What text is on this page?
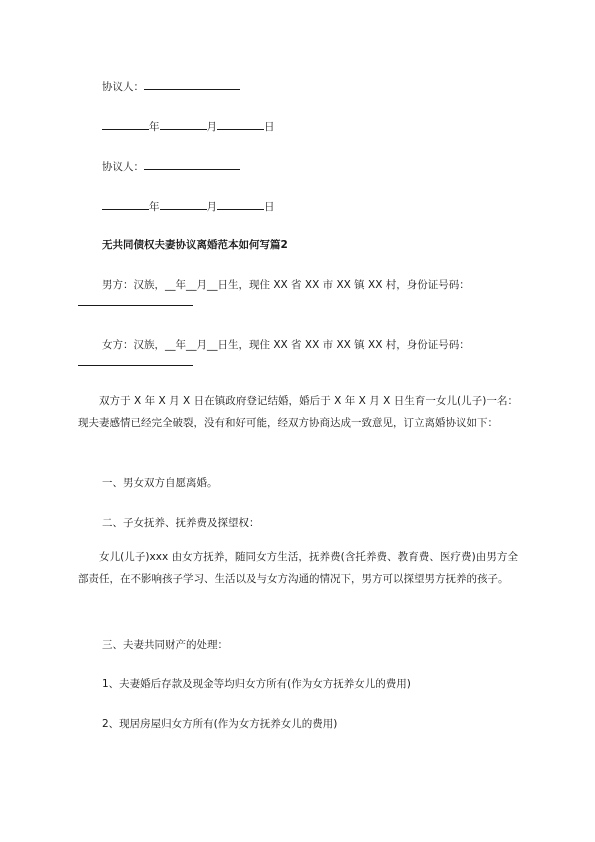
协议人：
年	月	日
协议人：
年	月	日
无共同债权夫妻协议离婚范本如何写篇2
男方：汉族，__年__月__日生，现住 XX 省 XX 市 XX 镇 XX 村，身份证号码：
女方：汉族，__年__月__日生，现住 XX 省 XX 市 XX 镇 XX 村，身份证号码：
双方于 X 年 X 月 X 日在镇政府登记结婚，婚后于 X 年 X 月 X 日生育一女儿(儿子)一名：现夫妻感情已经完全破裂，没有和好可能，经双方协商达成一致意见，订立离婚协议如下：
一、男女双方自愿离婚。
二、子女抚养、抚养费及探望权：
女儿(儿子)xxx 由女方抚养，随同女方生活，抚养费(含托养费、教育费、医疗费)由男方全部责任，在不影响孩子学习、生活以及与女方沟通的情况下，男方可以探望男方抚养的孩子。
三、夫妻共同财产的处理：
1、夫妻婚后存款及现金等均归女方所有(作为女方抚养女儿的费用)
2、现居房屋归女方所有(作为女方抚养女儿的费用)
